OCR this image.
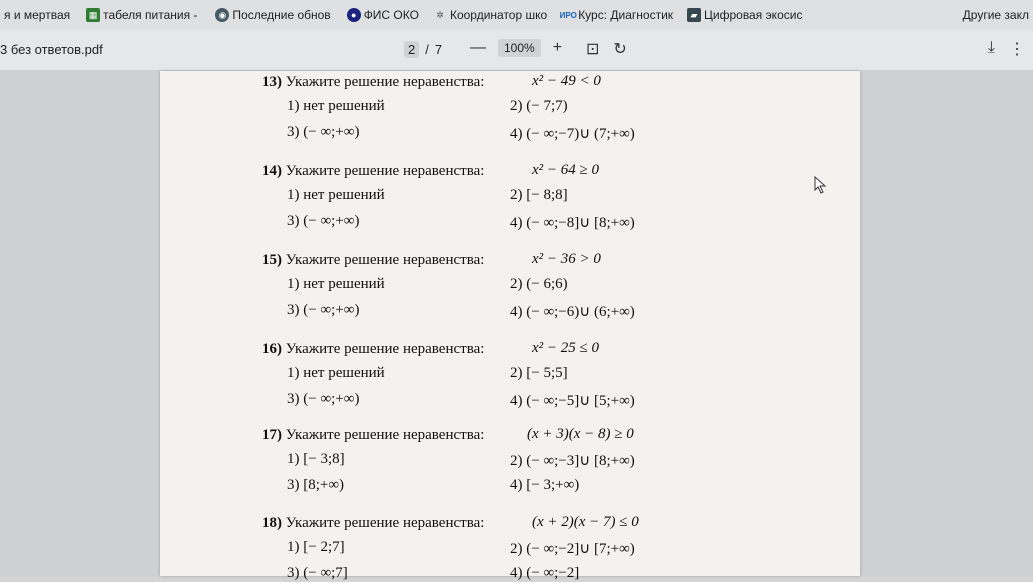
я и мертвая	▦ табеля питания -	◉ Последние обнов	● ФИС ОКО	✲ Координатор шко ИРО Курс: Диагностик	▰ Цифровая экосис	Другие закл
3 без ответов.pdf	2 / 7 —	100%	+ ⊡ ↻	⤓ ⋮
13) Укажите решение неравенства:	x² − 49 < 0
1) нет решений	2) (− 7;7)
3) (− ∞;+∞)	4) (− ∞;−7)∪ (7;+∞)
14) Укажите решение неравенства:	x² − 64 ≥ 0
1) нет решений	2) [− 8;8]
3) (− ∞;+∞)	4) (− ∞;−8]∪ [8;+∞)
15) Укажите решение неравенства:	x² − 36 > 0
1) нет решений	2) (− 6;6)
3) (− ∞;+∞)	4) (− ∞;−6)∪ (6;+∞)
16) Укажите решение неравенства:	x² − 25 ≤ 0
1) нет решений	2) [− 5;5]
3) (− ∞;+∞)	4) (− ∞;−5]∪ [5;+∞)
17) Укажите решение неравенства:	(x + 3)(x − 8) ≥ 0
1) [− 3;8]	2) (− ∞;−3]∪ [8;+∞)
3) [8;+∞)	4) [− 3;+∞)
18) Укажите решение неравенства:	(x + 2)(x − 7) ≤ 0
1) [− 2;7]	2) (− ∞;−2]∪ [7;+∞)
3) (− ∞;7]	4) (− ∞;−2]
